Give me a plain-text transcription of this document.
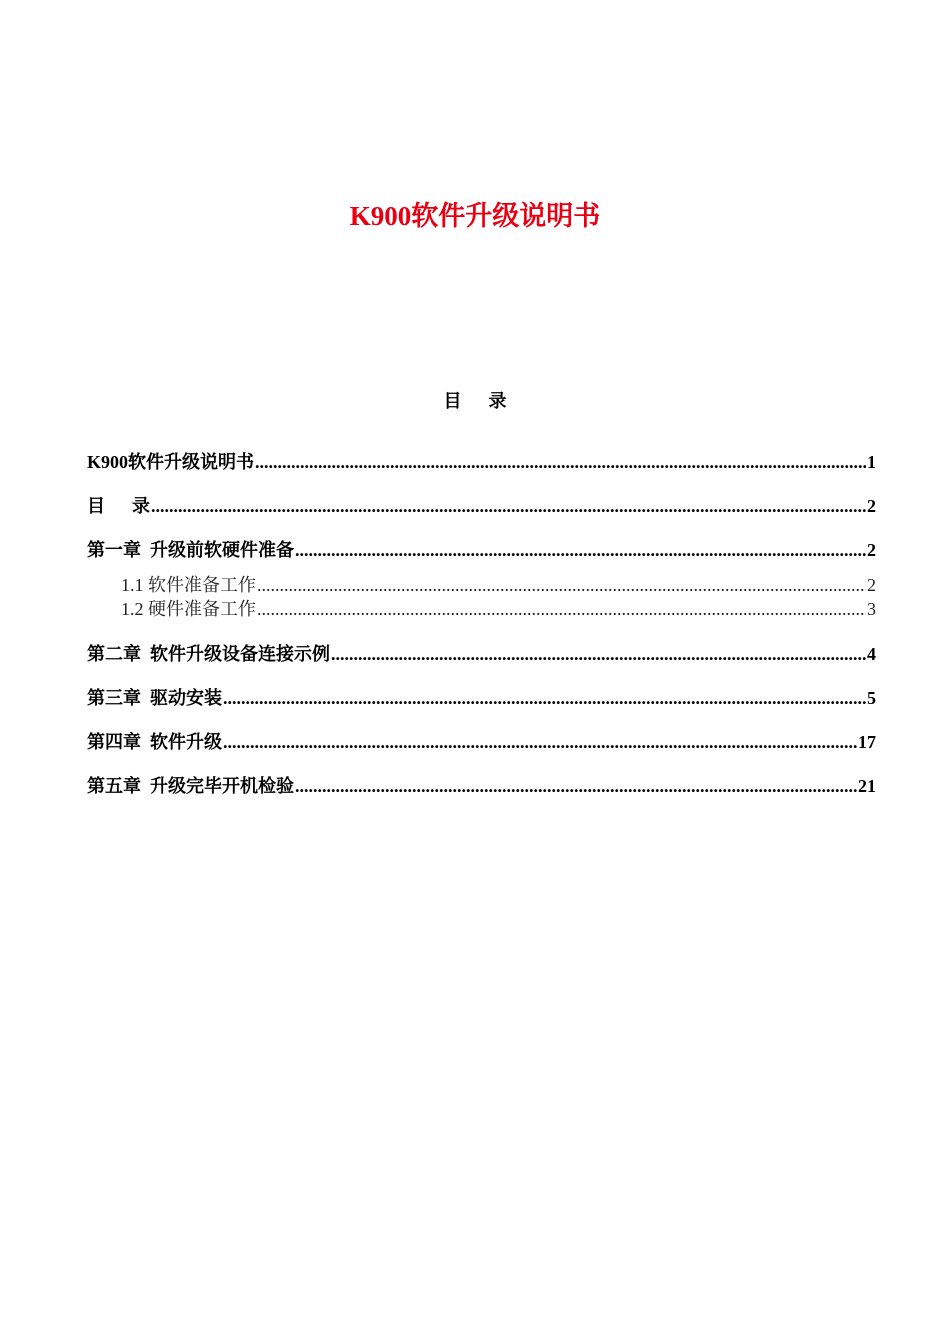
K900软件升级说明书
目      录
K900软件升级说明书 .....	1
目      录 .....	2
第一章  升级前软硬件准备 .....	2
1.1 软件准备工作 .....	2
1.2 硬件准备工作 .....	3
第二章  软件升级设备连接示例 .....	4
第三章  驱动安装 .....	5
第四章  软件升级 .....	17
第五章  升级完毕开机检验 .....	21
